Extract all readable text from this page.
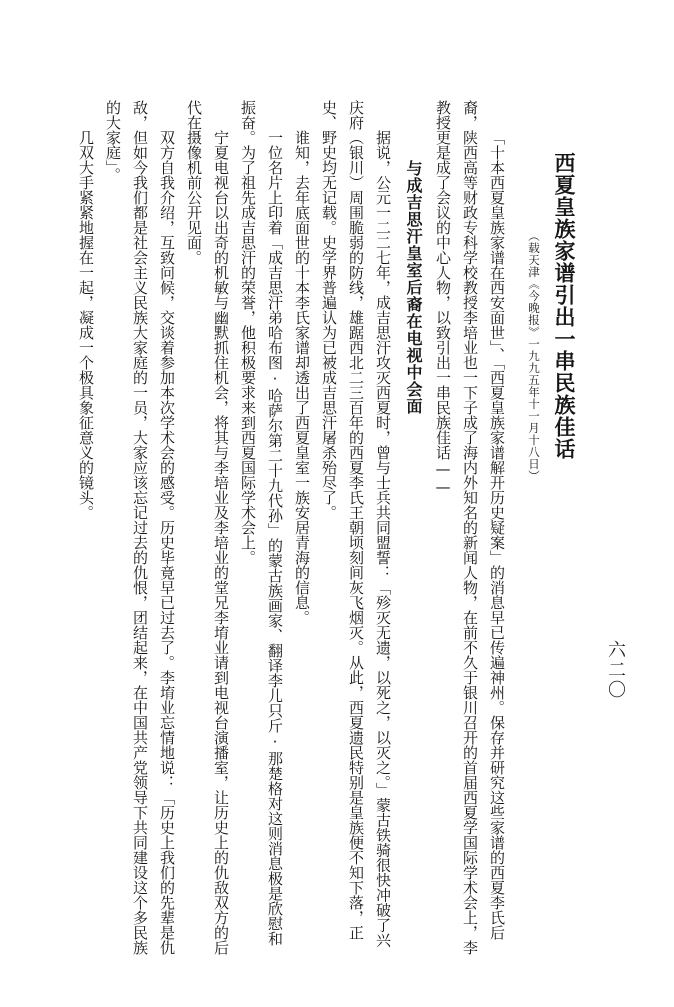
六二〇
西夏皇族家谱引出一串民族佳话
（载天津《今晚报》一九九五年十一月十八日）

「十本西夏皇族家谱在西安面世」、「西夏皇族家谱解开历史疑案」的消息早已传遍神州。保存并研究这些家谱的西夏李氏后裔，陕西高等财政专科学校教授李培业也一下子成了海内外知名的新闻人物，在前不久于银川召开的首届西夏学国际学术会上，李教授更是成了会议的中心人物，以致引出一串民族佳话——

与成吉思汗皇室后裔在电视中会面

据说，公元一二二七年，成吉思汗攻灭西夏时，曾与士兵共同盟誓：「殄灭无遗，以死之，以灭之。」蒙古铁骑很快冲破了兴庆府（银川）周围脆弱的防线，雄踞西北二三百年的西夏李氏王朝顷刻间灰飞烟灭。从此，西夏遗民特别是皇族便不知下落，正史、野史均无记载。史学界普遍认为已被成吉思汗屠杀殆尽了。

谁知，去年底面世的十本李氏家谱却透出了西夏皇室一族安居青海的信息。

一位名片上印着「成吉思汗弟哈布图·哈萨尔第二十九代孙」的蒙古族画家、翻译李儿只斤·那楚格对这则消息极是欣慰和振奋。为了祖先成吉思汗的荣誉，他积极要求来到西夏国际学术会上。

宁夏电视台以出奇的机敏与幽默抓住机会，将其与李培业及李培业的堂兄李堉业请到电视台演播室，让历史上的仇敌双方的后代在摄像机前公开见面。

双方自我介绍，互致问候，交谈着参加本次学术会的感受。历史毕竟早已过去了。李堉业忘情地说：「历史上我们的先辈是仇敌，但如今我们都是社会主义民族大家庭的一员，大家应该忘记过去的仇恨，团结起来，在中国共产党领导下共同建设这个多民族的大家庭」。

几双大手紧紧地握在一起，凝成一个极具象征意义的镜头。
